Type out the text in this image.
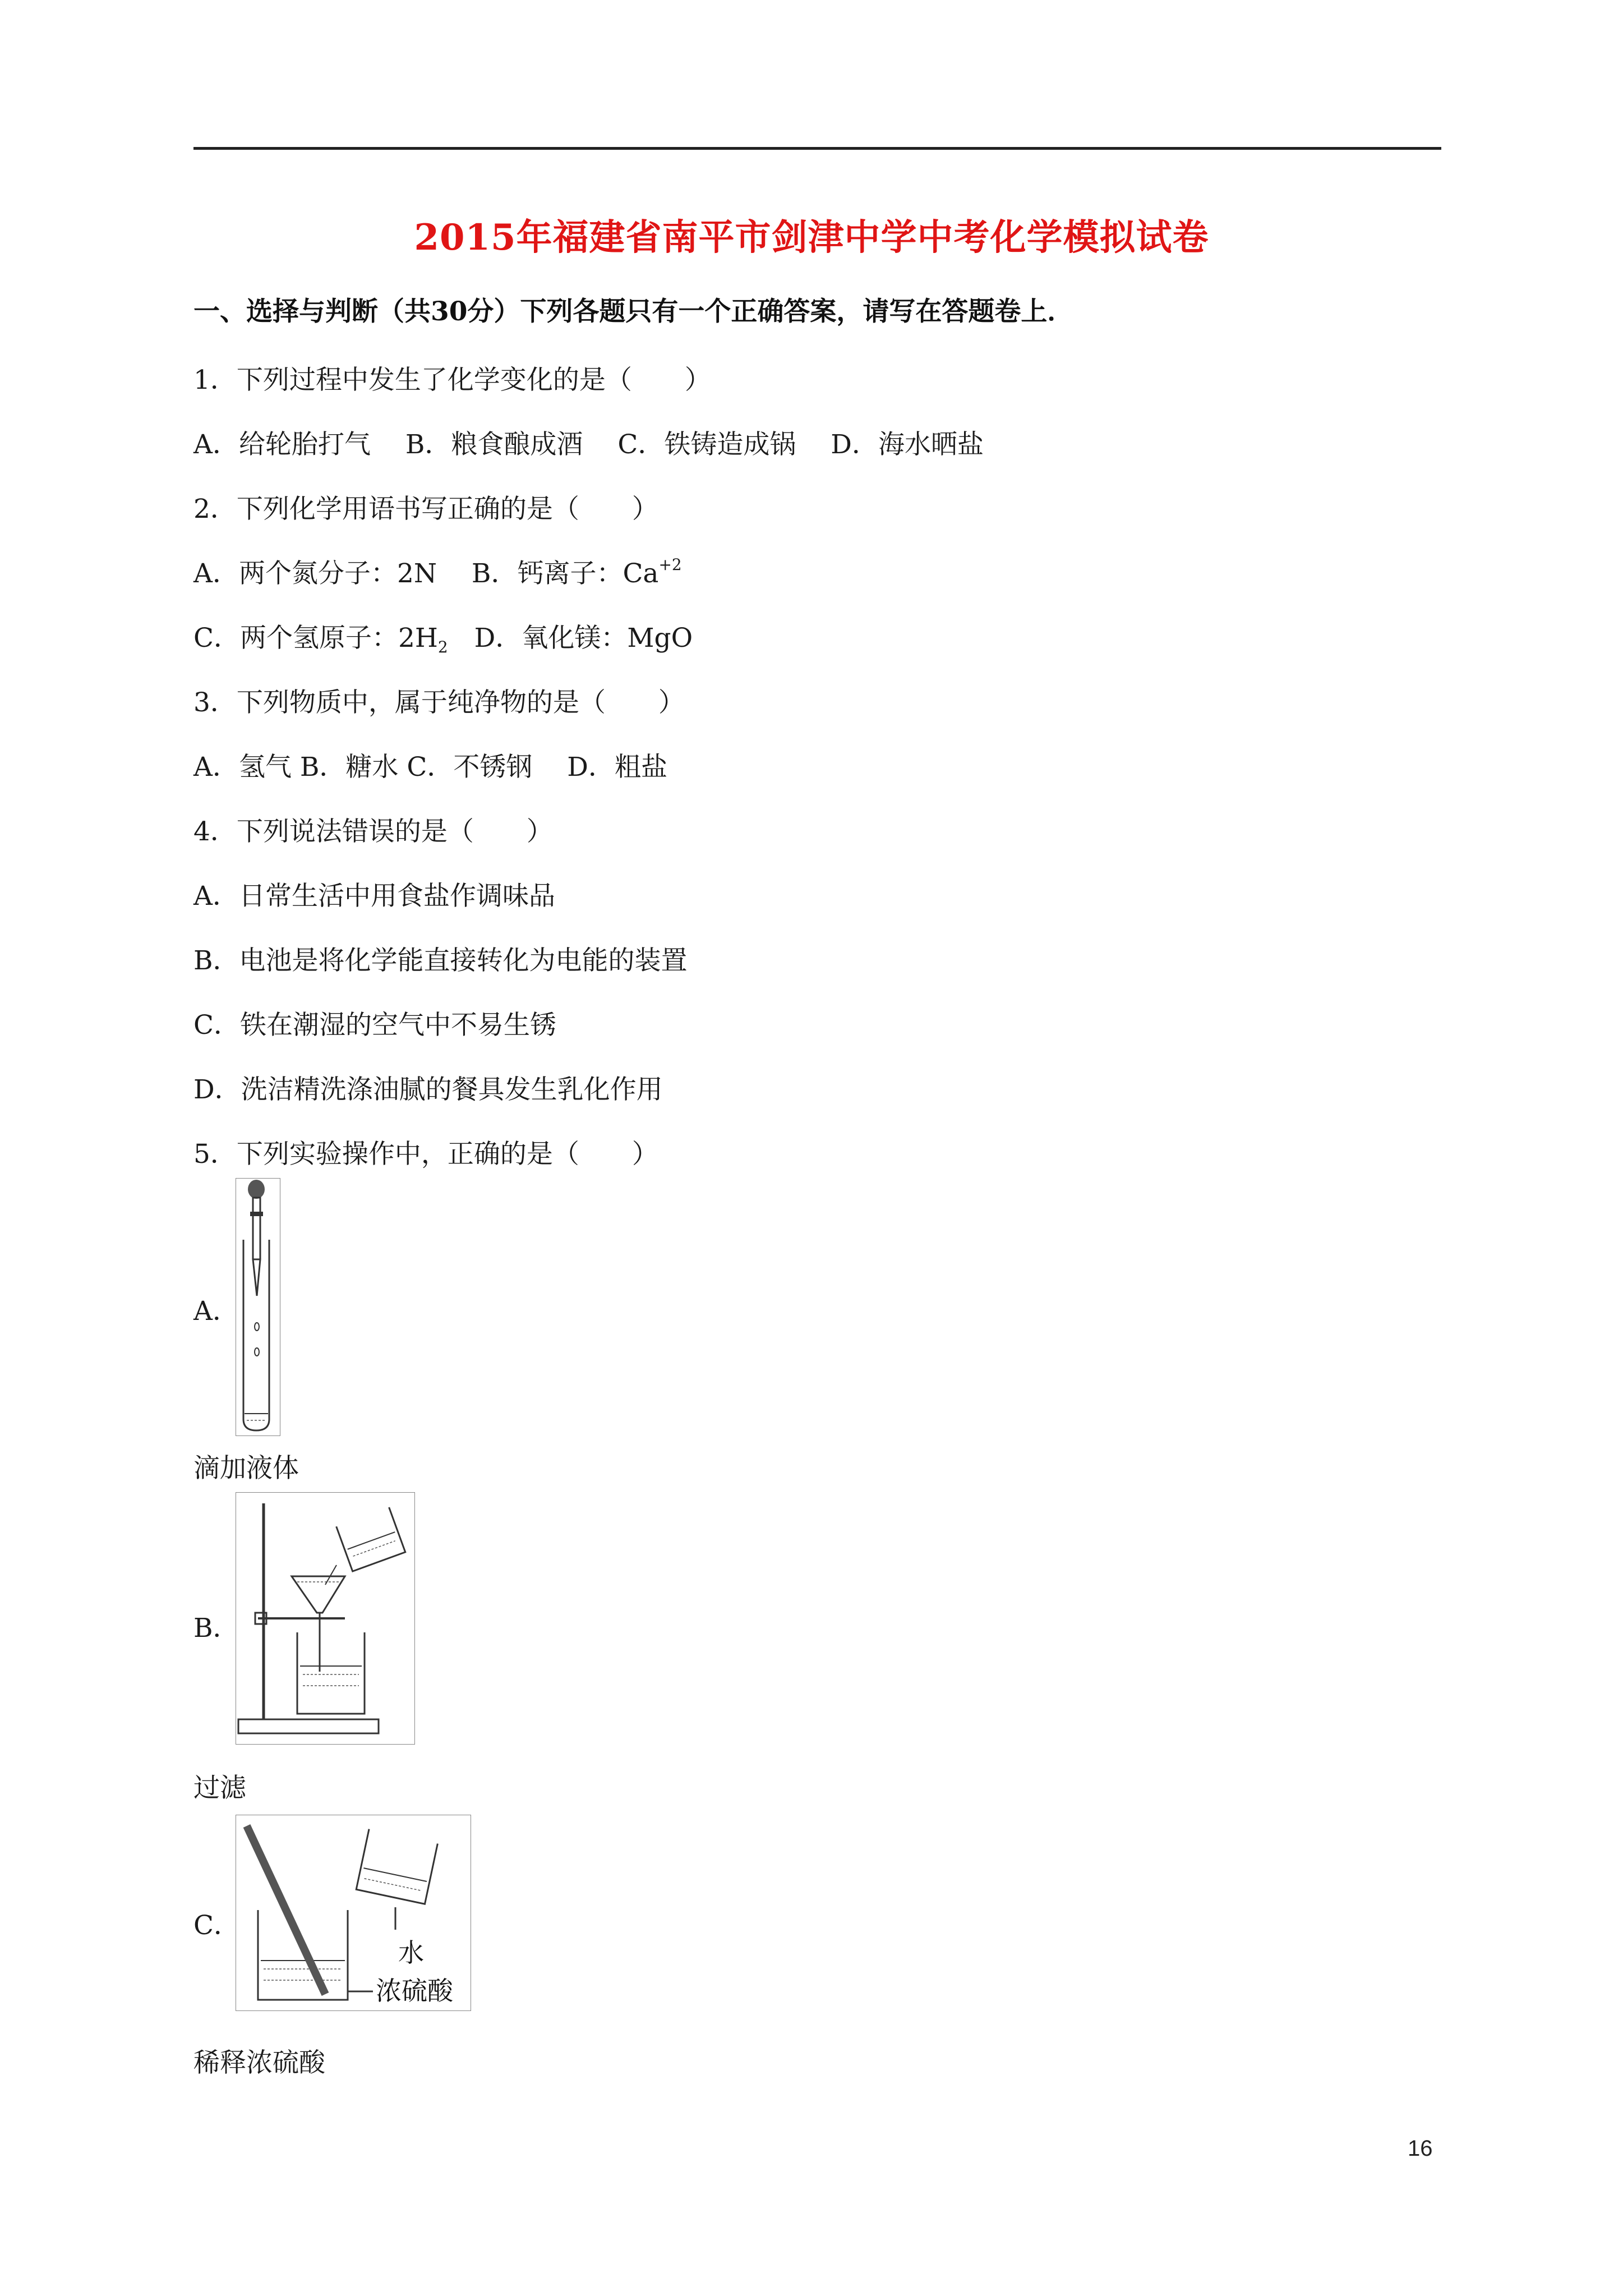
2015年福建省南平市剑津中学中考化学模拟试卷
一、选择与判断（共30分）下列各题只有一个正确答案，请写在答题卷上．
1．下列过程中发生了化学变化的是（　　）
A．给轮胎打气　 B．粮食酿成酒　 C．铁铸造成锅　 D．海水晒盐
2．下列化学用语书写正确的是（　　）
A．两个氮分子：2N　 B．钙离子：$Ca^{+2}$
C．两个氢原子：$2H_2$　D．氧化镁：MgO
3．下列物质中，属于纯净物的是（　　）
A．氢气 B．糖水 C．不锈钢　 D．粗盐
4．下列说法错误的是（　　）
A．日常生活中用食盐作调味品
B．电池是将化学能直接转化为电能的装置
C．铁在潮湿的空气中不易生锈
D．洗洁精洗涤油腻的餐具发生乳化作用
5．下列实验操作中，正确的是（　　）
A．
滴加液体
B．
过滤
C．
水
浓硫酸
稀释浓硫酸
16
